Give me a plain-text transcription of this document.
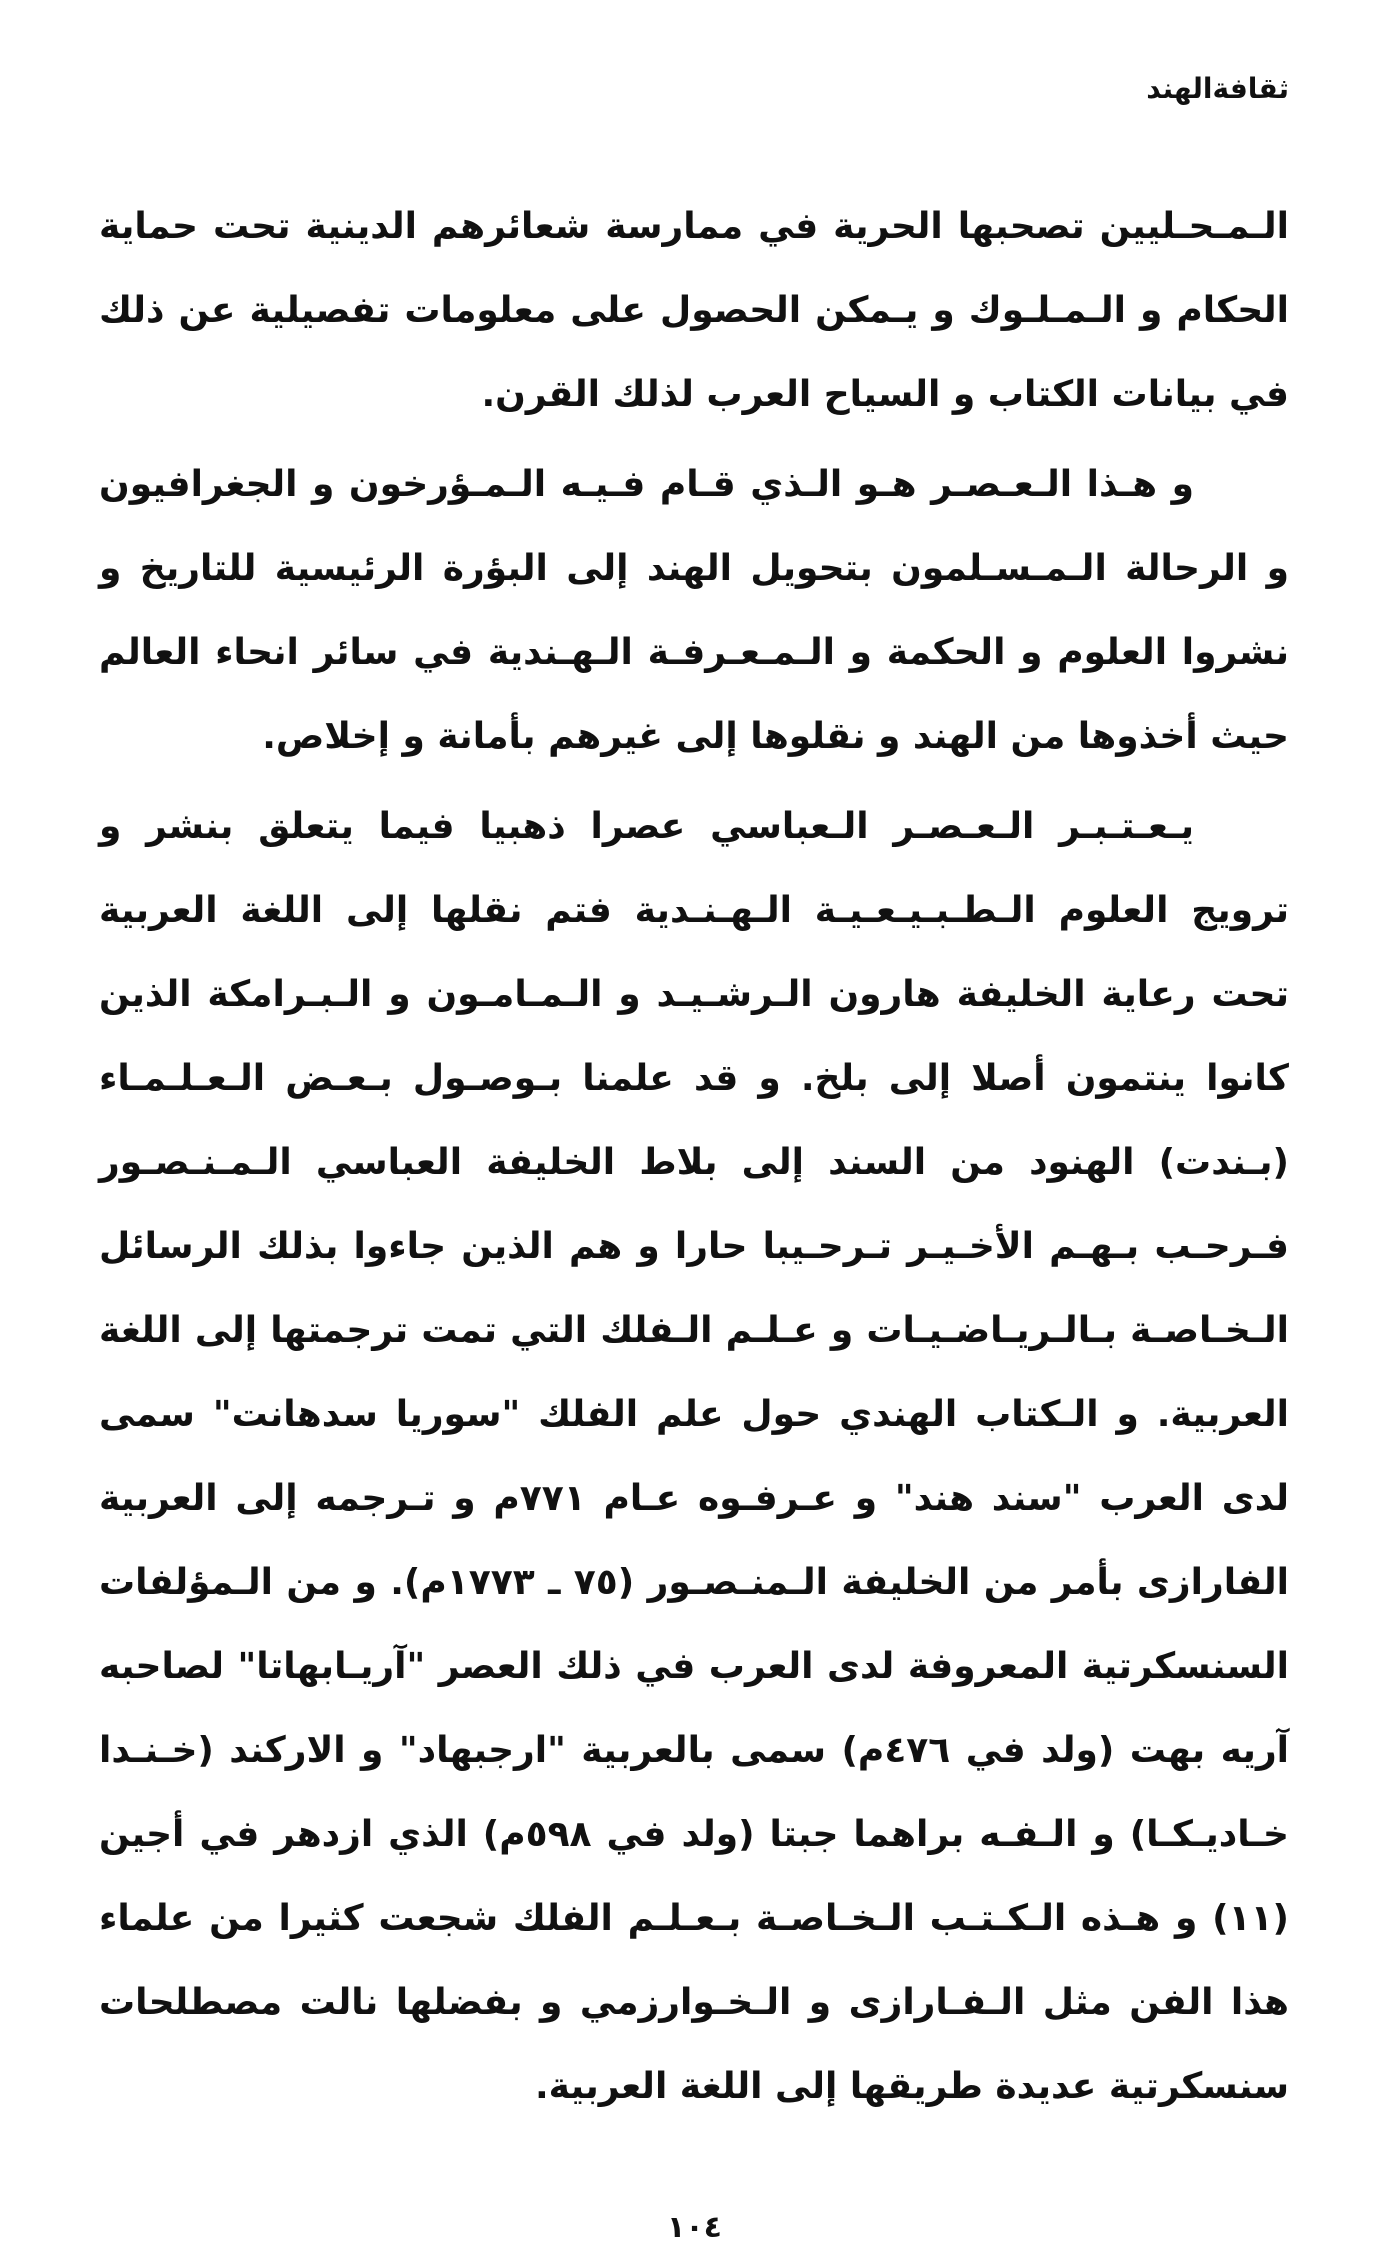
ثقافةالهند

الـمـحـليين تصحبها الحرية في ممارسة شعائرهم الدينية تحت حماية الحكام و الـمـلـوك و يـمكن الحصول على معلومات تفصيلية عن ذلك في بيانات الكتاب و السياح العرب لذلك القرن.

و هـذا الـعـصـر هـو الـذي قـام فـيـه الـمـؤرخون و الجغرافيون و الرحالة الـمـسـلمون بتحويل الهند إلى البؤرة الرئيسية للتاريخ و نشروا العلوم و الحكمة و الـمـعـرفـة الـهـندية في سائر انحاء العالم حيث أخذوها من الهند و نقلوها إلى غيرهم بأمانة و إخلاص.

يـعـتـبـر الـعـصـر الـعباسي عصرا ذهبيا فيما يتعلق بنشر و ترويج العلوم الـطـبـيـعـيـة الـهـنـدية فتم نقلها إلى اللغة العربية تحت رعاية الخليفة هارون الـرشـيـد و الـمـامـون و الـبـرامكة الذين كانوا ينتمون أصلا إلى بلخ. و قد علمنا بـوصـول بـعـض الـعـلـمـاء (بـندت) الهنود من السند إلى بلاط الخليفة العباسي الـمـنـصـور فـرحـب بـهـم الأخـيـر تـرحـيبا حارا و هم الذين جاءوا بذلك الرسائل الـخـاصـة بـالـريـاضـيـات و عـلـم الـفلك التي تمت ترجمتها إلى اللغة العربية. و الـكتاب الهندي حول علم الفلك "سوريا سدهانت" سمى لدى العرب "سند هند" و عـرفـوه عـام ٧٧١م و تـرجمه إلى العربية الفارازى بأمر من الخليفة الـمنـصـور (٧٥ ـ ١٧٧٣م). و من الـمؤلفات السنسكرتية المعروفة لدى العرب في ذلك العصر "آريـابهاتا" لصاحبه آريه بهت (ولد في ٤٧٦م) سمى بالعربية "ارجبهاد" و الاركند (خـنـدا خـاديـكـا) و الـفـه براهما جبتا (ولد في ٥٩٨م) الذي ازدهر في أجين (١١) و هـذه الـكـتـب الـخـاصـة بـعـلـم الفلك شجعت كثيرا من علماء هذا الفن مثل الـفـارازى و الـخـوارزمي و بفضلها نالت مصطلحات سنسكرتية عديدة طريقها إلى اللغة العربية.

١٠٤
